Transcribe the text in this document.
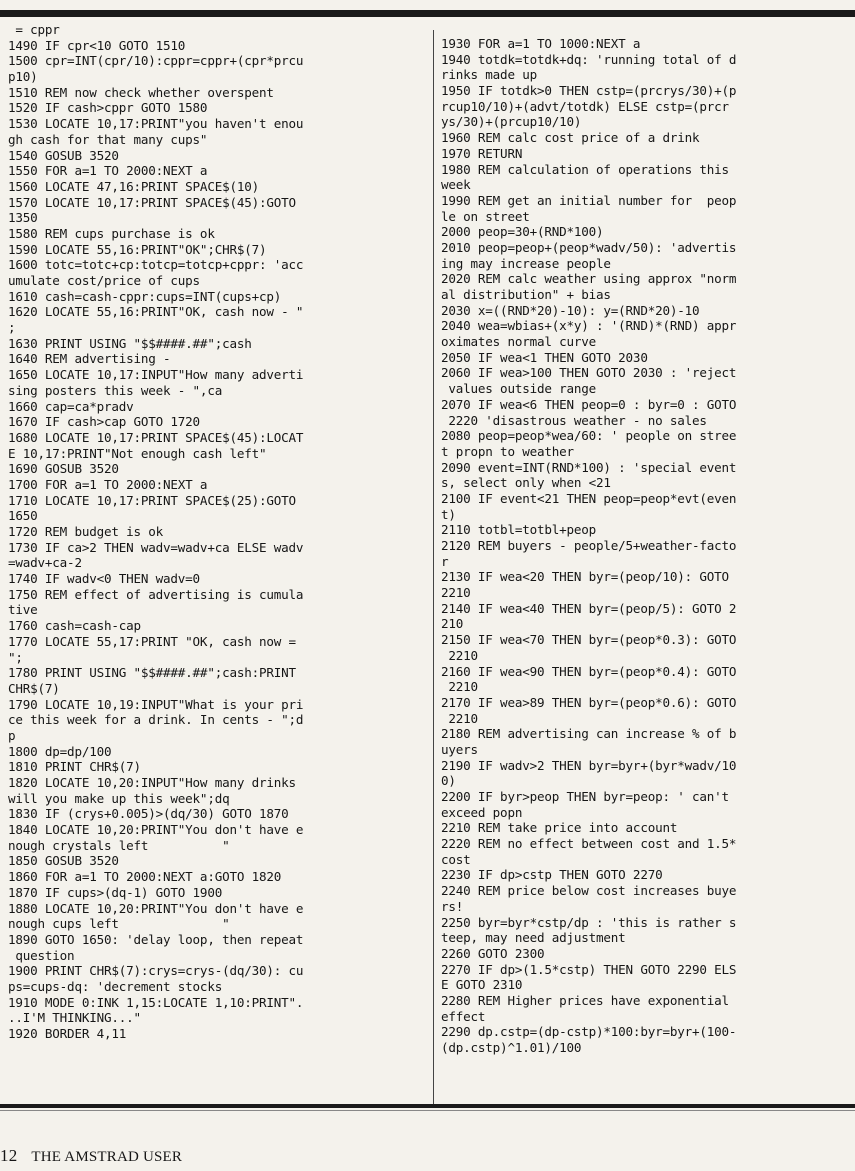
= cppr
1490 IF cpr<10 GOTO 1510
1500 cpr=INT(cpr/10):cppr=cppr+(cpr*prcu
p10)
1510 REM now check whether overspent
1520 IF cash>cppr GOTO 1580
1530 LOCATE 10,17:PRINT"you haven't enou
gh cash for that many cups"
1540 GOSUB 3520
1550 FOR a=1 TO 2000:NEXT a
1560 LOCATE 47,16:PRINT SPACE$(10)
1570 LOCATE 10,17:PRINT SPACE$(45):GOTO
1350
1580 REM cups purchase is ok
1590 LOCATE 55,16:PRINT"OK";CHR$(7)
1600 totc=totc+cp:totcp=totcp+cppr: 'acc
umulate cost/price of cups
1610 cash=cash-cppr:cups=INT(cups+cp)
1620 LOCATE 55,16:PRINT"OK, cash now - "
;
1630 PRINT USING "$$####.##";cash
1640 REM advertising -
1650 LOCATE 10,17:INPUT"How many adverti
sing posters this week - ",ca
1660 cap=ca*pradv
1670 IF cash>cap GOTO 1720
1680 LOCATE 10,17:PRINT SPACE$(45):LOCAT
E 10,17:PRINT"Not enough cash left"
1690 GOSUB 3520
1700 FOR a=1 TO 2000:NEXT a
1710 LOCATE 10,17:PRINT SPACE$(25):GOTO
1650
1720 REM budget is ok
1730 IF ca>2 THEN wadv=wadv+ca ELSE wadv
=wadv+ca-2
1740 IF wadv<0 THEN wadv=0
1750 REM effect of advertising is cumula
tive
1760 cash=cash-cap
1770 LOCATE 55,17:PRINT "OK, cash now =
";
1780 PRINT USING "$$####.##";cash:PRINT
CHR$(7)
1790 LOCATE 10,19:INPUT"What is your pri
ce this week for a drink. In cents - ";d
p
1800 dp=dp/100
1810 PRINT CHR$(7)
1820 LOCATE 10,20:INPUT"How many drinks
will you make up this week";dq
1830 IF (crys+0.005)>(dq/30) GOTO 1870
1840 LOCATE 10,20:PRINT"You don't have e
nough crystals left          "
1850 GOSUB 3520
1860 FOR a=1 TO 2000:NEXT a:GOTO 1820
1870 IF cups>(dq-1) GOTO 1900
1880 LOCATE 10,20:PRINT"You don't have e
nough cups left              "
1890 GOTO 1650: 'delay loop, then repeat
question
1900 PRINT CHR$(7):crys=crys-(dq/30): cu
ps=cups-dq: 'decrement stocks
1910 MODE 0:INK 1,15:LOCATE 1,10:PRINT".
..I'M THINKING..."
1920 BORDER 4,11
1930 FOR a=1 TO 1000:NEXT a
1940 totdk=totdk+dq: 'running total of d
rinks made up
1950 IF totdk>0 THEN cstp=(prcrys/30)+(p
rcup10/10)+(advt/totdk) ELSE cstp=(prcr
ys/30)+(prcup10/10)
1960 REM calc cost price of a drink
1970 RETURN
1980 REM calculation of operations this
week
1990 REM get an initial number for  peop
le on street
2000 peop=30+(RND*100)
2010 peop=peop+(peop*wadv/50): 'advertis
ing may increase people
2020 REM calc weather using approx "norm
al distribution" + bias
2030 x=((RND*20)-10): y=(RND*20)-10
2040 wea=wbias+(x*y) : '(RND)*(RND) appr
oximates normal curve
2050 IF wea<1 THEN GOTO 2030
2060 IF wea>100 THEN GOTO 2030 : 'reject
values outside range
2070 IF wea<6 THEN peop=0 : byr=0 : GOTO
2220 'disastrous weather - no sales
2080 peop=peop*wea/60: ' people on stree
t propn to weather
2090 event=INT(RND*100) : 'special event
s, select only when <21
2100 IF event<21 THEN peop=peop*evt(even
t)
2110 totbl=totbl+peop
2120 REM buyers - people/5+weather-facto
r
2130 IF wea<20 THEN byr=(peop/10): GOTO
2210
2140 IF wea<40 THEN byr=(peop/5): GOTO 2
210
2150 IF wea<70 THEN byr=(peop*0.3): GOTO
2210
2160 IF wea<90 THEN byr=(peop*0.4): GOTO
2210
2170 IF wea>89 THEN byr=(peop*0.6): GOTO
2210
2180 REM advertising can increase % of b
uyers
2190 IF wadv>2 THEN byr=byr+(byr*wadv/10
0)
2200 IF byr>peop THEN byr=peop: ' can't
exceed popn
2210 REM take price into account
2220 REM no effect between cost and 1.5*
cost
2230 IF dp>cstp THEN GOTO 2270
2240 REM price below cost increases buye
rs!
2250 byr=byr*cstp/dp : 'this is rather s
teep, may need adjustment
2260 GOTO 2300
2270 IF dp>(1.5*cstp) THEN GOTO 2290 ELS
E GOTO 2310
2280 REM Higher prices have exponential
effect
2290 dp.cstp=(dp-cstp)*100:byr=byr+(100-
(dp.cstp)^1.01)/100
12 THE AMSTRAD USER
